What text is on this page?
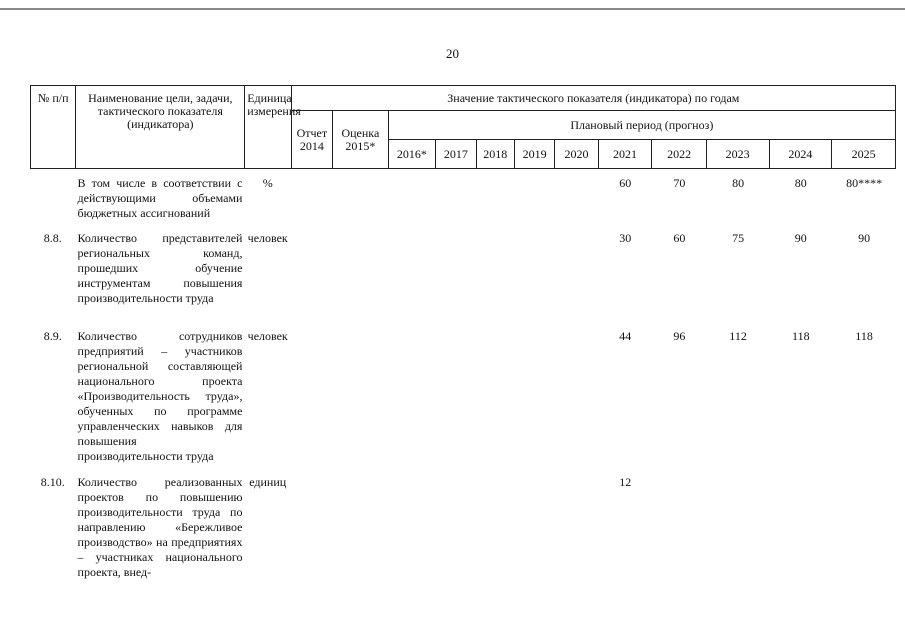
20
№ п/п	Наименование цели, задачи, тактического показателя (индикатора)	Единица измерения	Значение тактического показателя (индикатора) по годам											
			Отчет 2014	Оценка 2015*	Плановый период (прогноз)									
					2016*	2017	2018	2019	2020	2021	2022	2023	2024	2025
	В том числе в соответствии с действующими объемами бюджетных ассигнований	%								60	70	80	80	80****
8.8.	Количество представителей региональных команд, прошедших обучение инструментам повышения производительности труда	человек								30	60	75	90	90
8.9.	Количество сотрудников предприятий – участников региональной составляющей национального проекта «Производительность труда», обученных по программе управленческих навыков для повышения производительности труда	человек								44	96	112	118	118
8.10.	Количество реализованных проектов по повышению производительности труда по направлению «Бережливое производство» на предприятиях – участниках национального проекта, внед-	единиц								12				
